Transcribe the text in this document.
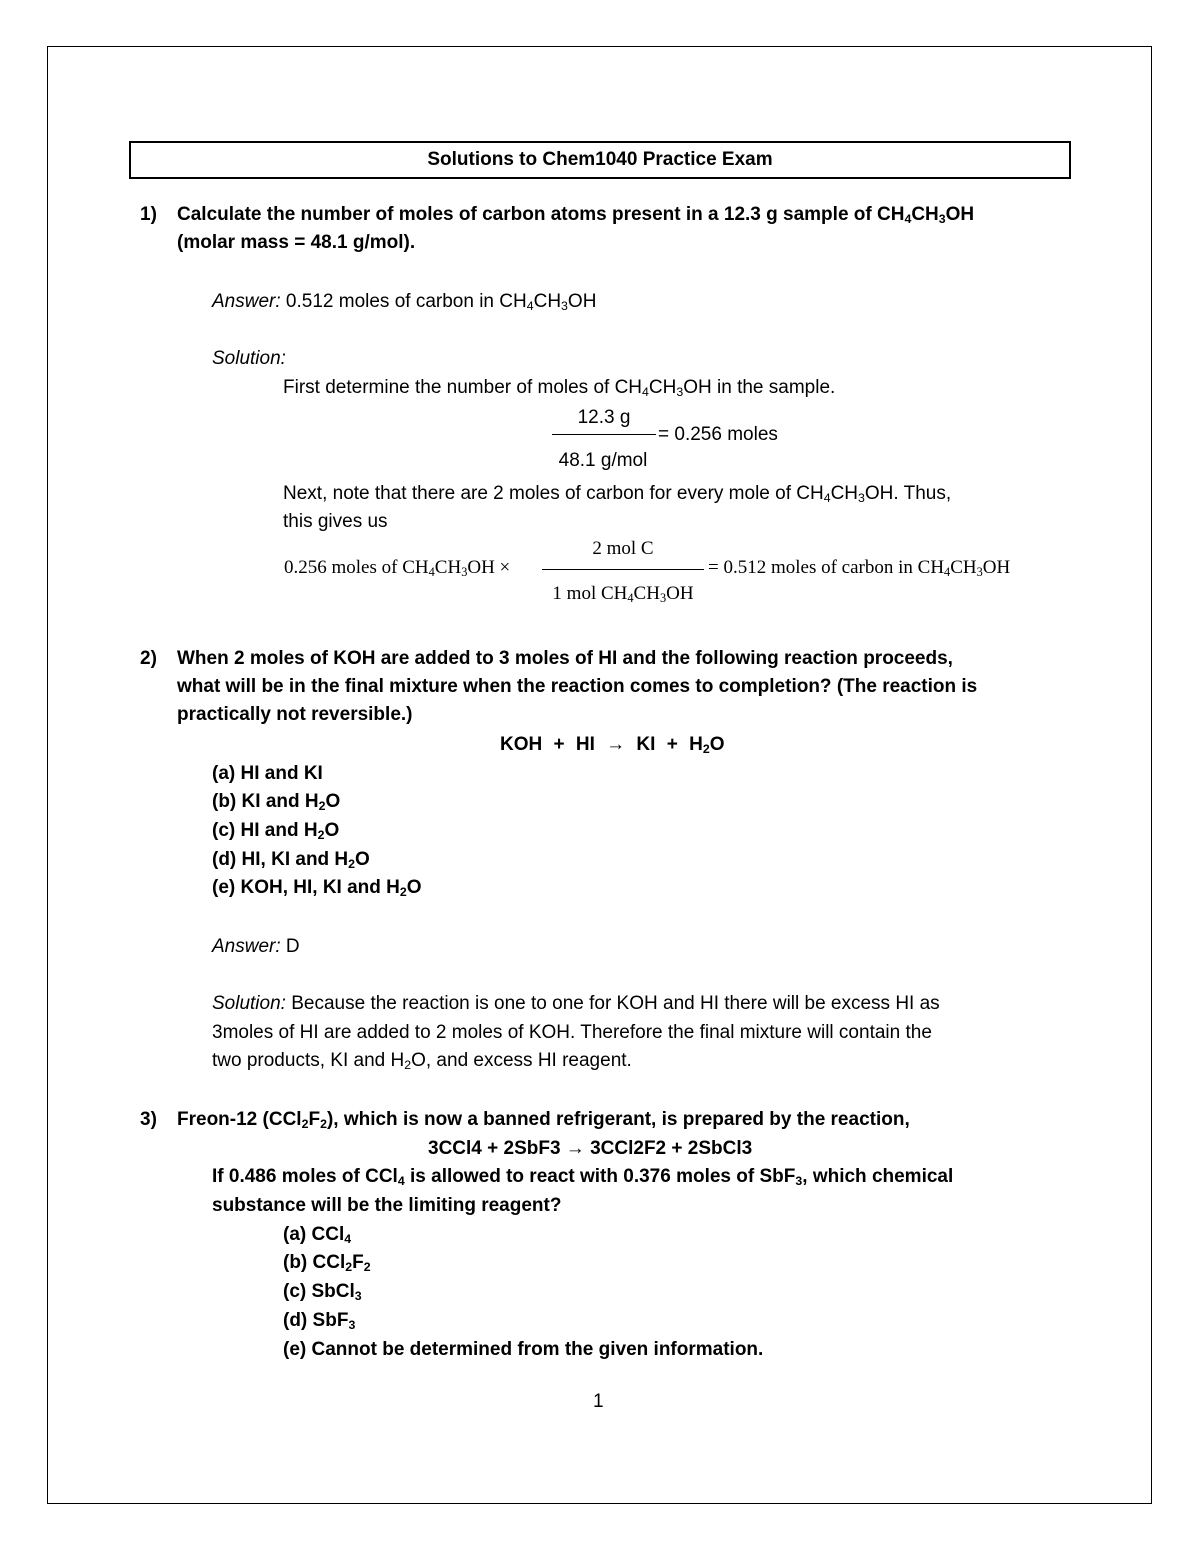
Solutions to Chem1040 Practice Exam
1) Calculate the number of moles of carbon atoms present in a 12.3 g sample of $CH_4CH_3OH$
(molar mass = 48.1 g/mol).
Answer: 0.512 moles of carbon in $CH_4CH_3OH$
Solution:
First determine the number of moles of $CH_4CH_3OH$ in the sample.
12.3 g
= 0.256 moles
48.1 g/mol
Next, note that there are 2 moles of carbon for every mole of $CH_4CH_3OH$. Thus,
this gives us
0.256 moles of $CH_4CH_3OH$ ×
2 mol C
1 mol $CH_4CH_3OH$
= 0.512 moles of carbon in $CH_4CH_3OH$
2) When 2 moles of KOH are added to 3 moles of HI and the following reaction proceeds,
what will be in the final mixture when the reaction comes to completion? (The reaction is
practically not reversible.)
KOH + HI → KI + $H_2O$
(a) HI and KI
(b) KI and $H_2O$
(c) HI and $H_2O$
(d) HI, KI and $H_2O$
(e) KOH, HI, KI and $H_2O$
Answer: D
Solution: Because the reaction is one to one for KOH and HI there will be excess HI as
3moles of HI are added to 2 moles of KOH. Therefore the final mixture will contain the
two products, KI and $H_2O$, and excess HI reagent.
3) Freon-12 $(CCl_2F_2)$, which is now a banned refrigerant, is prepared by the reaction,
3CCl4 + 2SbF3 → 3CCl2F2 + 2SbCl3
If 0.486 moles of CCl$_4$ is allowed to react with 0.376 moles of SbF$_3$, which chemical
substance will be the limiting reagent?
(a) CCl$_4$
(b) $CCl_2F_2$
(c) SbCl$_3$
(d) SbF$_3$
(e) Cannot be determined from the given information.
1
